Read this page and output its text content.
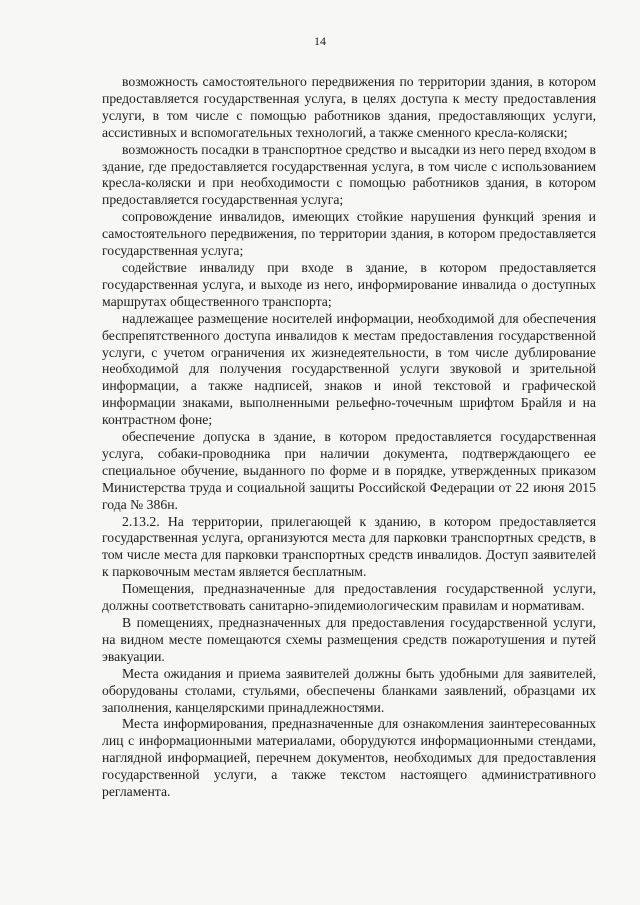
14

возможность самостоятельного передвижения по территории здания, в котором предоставляется государственная услуга, в целях доступа к месту предоставления услуги, в том числе с помощью работников здания, предоставляющих услуги, ассистивных и вспомогательных технологий, а также сменного кресла-коляски;

возможность посадки в транспортное средство и высадки из него перед входом в здание, где предоставляется государственная услуга, в том числе с использованием кресла-коляски и при необходимости с помощью работников здания, в котором предоставляется государственная услуга;

сопровождение инвалидов, имеющих стойкие нарушения функций зрения и самостоятельного передвижения, по территории здания, в котором предоставляется государственная услуга;

содействие инвалиду при входе в здание, в котором предоставляется государственная услуга, и выходе из него, информирование инвалида о доступных маршрутах общественного транспорта;

надлежащее размещение носителей информации, необходимой для обеспечения беспрепятственного доступа инвалидов к местам предоставления государственной услуги, с учетом ограничения их жизнедеятельности, в том числе дублирование необходимой для получения государственной услуги звуковой и зрительной информации, а также надписей, знаков и иной текстовой и графической информации знаками, выполненными рельефно-точечным шрифтом Брайля и на контрастном фоне;

обеспечение допуска в здание, в котором предоставляется государственная услуга, собаки-проводника при наличии документа, подтверждающего ее специальное обучение, выданного по форме и в порядке, утвержденных приказом Министерства труда и социальной защиты Российской Федерации от 22 июня 2015 года № 386н.

2.13.2. На территории, прилегающей к зданию, в котором предоставляется государственная услуга, организуются места для парковки транспортных средств, в том числе места для парковки транспортных средств инвалидов. Доступ заявителей к парковочным местам является бесплатным.

Помещения, предназначенные для предоставления государственной услуги, должны соответствовать санитарно-эпидемиологическим правилам и нормативам.

В помещениях, предназначенных для предоставления государственной услуги, на видном месте помещаются схемы размещения средств пожаротушения и путей эвакуации.

Места ожидания и приема заявителей должны быть удобными для заявителей, оборудованы столами, стульями, обеспечены бланками заявлений, образцами их заполнения, канцелярскими принадлежностями.

Места информирования, предназначенные для ознакомления заинтересованных лиц с информационными материалами, оборудуются информационными стендами, наглядной информацией, перечнем документов, необходимых для предоставления государственной услуги, а также текстом настоящего административного регламента.
